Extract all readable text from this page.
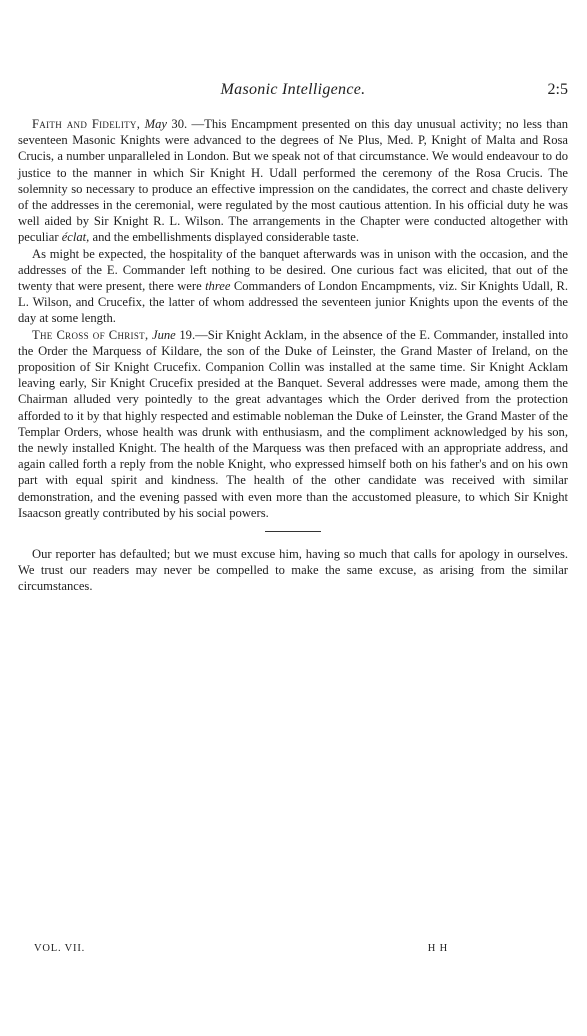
Masonic Intelligence.	2:5

Faith and Fidelity, May 30. —This Encampment presented on this day unusual activity; no less than seventeen Masonic Knights were advanced to the degrees of Ne Plus, Med. P, Knight of Malta and Rosa Crucis, a number unparalleled in London. But we speak not of that circumstance. We would endeavour to do justice to the manner in which Sir Knight H. Udall performed the ceremony of the Rosa Crucis. The solemnity so necessary to produce an effective impression on the candidates, the correct and chaste delivery of the addresses in the ceremonial, were regulated by the most cautious attention. In his official duty he was well aided by Sir Knight R. L. Wilson. The arrangements in the Chapter were conducted altogether with peculiar éclat, and the embellishments displayed considerable taste.

As might be expected, the hospitality of the banquet afterwards was in unison with the occasion, and the addresses of the E. Commander left nothing to be desired. One curious fact was elicited, that out of the twenty that were present, there were three Commanders of London Encampments, viz. Sir Knights Udall, R. L. Wilson, and Crucefix, the latter of whom addressed the seventeen junior Knights upon the events of the day at some length.

The Cross of Christ, June 19.—Sir Knight Acklam, in the absence of the E. Commander, installed into the Order the Marquess of Kildare, the son of the Duke of Leinster, the Grand Master of Ireland, on the proposition of Sir Knight Crucefix. Companion Collin was installed at the same time. Sir Knight Acklam leaving early, Sir Knight Crucefix presided at the Banquet. Several addresses were made, among them the Chairman alluded very pointedly to the great advantages which the Order derived from the protection afforded to it by that highly respected and estimable nobleman the Duke of Leinster, the Grand Master of the Templar Orders, whose health was drunk with enthusiasm, and the compliment acknowledged by his son, the newly installed Knight. The health of the Marquess was then prefaced with an appropriate address, and again called forth a reply from the noble Knight, who expressed himself both on his father's and on his own part with equal spirit and kindness. The health of the other candidate was received with similar demonstration, and the evening passed with even more than the accustomed pleasure, to which Sir Knight Isaacson greatly contributed by his social powers.

Our reporter has defaulted; but we must excuse him, having so much that calls for apology in ourselves. We trust our readers may never be compelled to make the same excuse, as arising from the similar circumstances.

VOL. VII.	H H
